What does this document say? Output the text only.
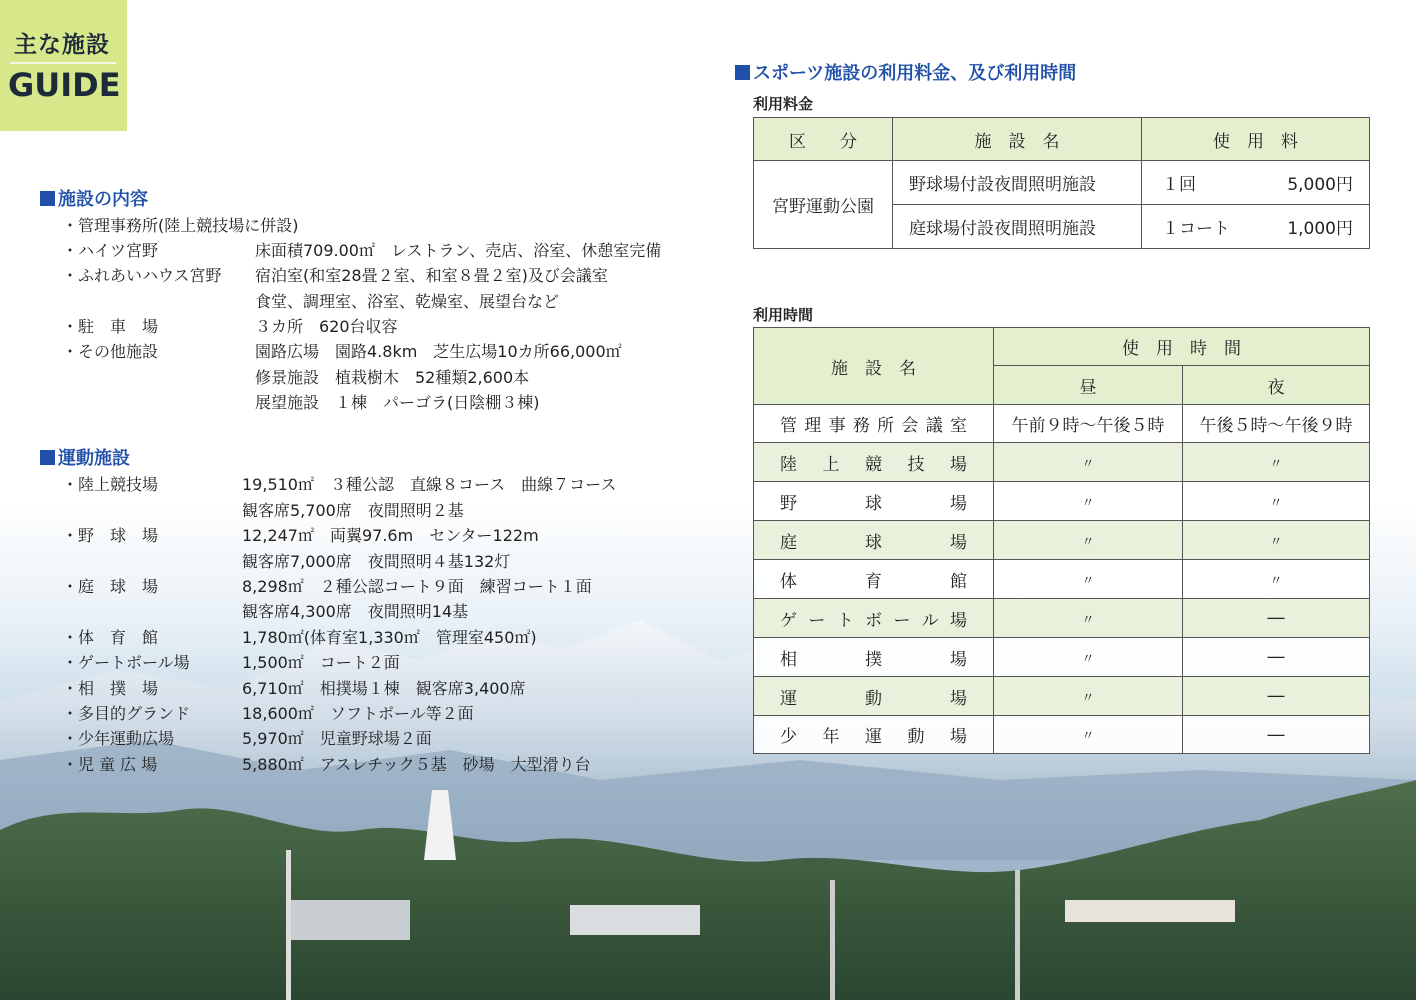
主な施設
GUIDE
施設の内容
・管理事務所(陸上競技場に併設)
・ハイツ宮野	床面積709.00㎡　レストラン、売店、浴室、休憩室完備
・ふれあいハウス宮野 宿泊室(和室28畳２室、和室８畳２室)及び会議室
食堂、調理室、浴室、乾燥室、展望台など
・駐　車　場	３カ所　620台収容
・その他施設	園路広場　園路4.8km　芝生広場10カ所66,000㎡
修景施設　植栽樹木　52種類2,600本
展望施設　１棟　パーゴラ(日陰棚３棟)
運動施設
・陸上競技場	19,510㎡　３種公認　直線８コース　曲線７コース
観客席5,700席　夜間照明２基
・野　球　場	12,247㎡　両翼97.6m　センター122m
観客席7,000席　夜間照明４基132灯
・庭　球　場	8,298㎡　２種公認コート９面　練習コート１面
観客席4,300席　夜間照明14基
・体　育　館	1,780㎡(体育室1,330㎡　管理室450㎡)
・ゲートボール場	1,500㎡　コート２面
・相　撲　場	6,710㎡　相撲場１棟　観客席3,400席
・多目的グランド	18,600㎡　ソフトボール等２面
・少年運動広場	5,970㎡　児童野球場２面
・児 童 広 場	5,880㎡　アスレチック５基　砂場　大型滑り台
スポーツ施設の利用料金、及び利用時間
利用料金
区　　分	施　設　名	使　用　料
宮野運動公園	野球場付設夜間照明施設	１回 5,000円

	庭球場付設夜間照明施設	１コート 1,000円
利用時間
施　設　名	使　用　時　間	
	昼	夜
管理事務所会議室	午前９時～午後５時	午後５時～午後９時
陸上競技場	〃	〃
野球場	〃	〃
庭球場	〃	〃
体育館	〃	〃
ゲートボール場	〃	―
相撲場	〃	―
運動場	〃	―
少年運動場	〃	―
